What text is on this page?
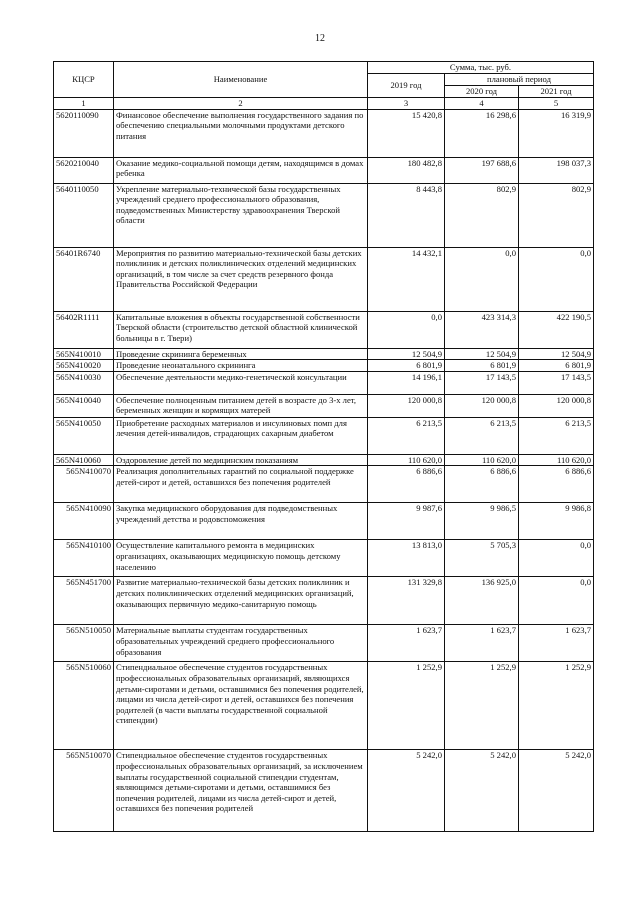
12
КЦСР	Наименование	Сумма, тыс. руб.		
		2019 год	плановый период	
			2020 год	2021 год
1	2	3	4	5
5620110090	Финансовое обеспечение выполнения государственного задания по обеспечению специальными молочными продуктами детского питания	15 420,8	16 298,6	16 319,9
5620210040	Оказание медико-социальной помощи детям, находящимся в домах ребенка	180 482,8	197 688,6	198 037,3
5640110050	Укрепление материально-технической базы государственных учреждений среднего профессионального образования, подведомственных Министерству здравоохранения Тверской области	8 443,8	802,9	802,9
56401R6740	Мероприятия по развитию материально-технической базы детских поликлиник и детских поликлинических отделений медицинских организаций, в том числе за счет средств резервного фонда Правительства Российской Федерации	14 432,1	0,0	0,0
56402R1111	Капитальные вложения в объекты государственной собственности Тверской области (строительство детской областной клинической больницы в г. Твери)	0,0	423 314,3	422 190,5
565N410010	Проведение скрининга беременных	12 504,9	12 504,9	12 504,9
565N410020	Проведение неонатального скрининга	6 801,9	6 801,9	6 801,9
565N410030	Обеспечение деятельности медико-генетической консультации	14 196,1	17 143,5	17 143,5
565N410040	Обеспечение полноценным питанием детей в возрасте до 3-х лет, беременных женщин и кормящих матерей	120 000,8	120 000,8	120 000,8
565N410050	Приобретение расходных материалов и инсулиновых помп для лечения детей-инвалидов, страдающих сахарным диабетом	6 213,5	6 213,5	6 213,5
565N410060	Оздоровление детей по медицинским показаниям	110 620,0	110 620,0	110 620,0
565N410070	Реализация дополнительных гарантий по социальной поддержке детей-сирот и детей, оставшихся без попечения родителей	6 886,6	6 886,6	6 886,6
565N410090	Закупка медицинского оборудования для подведомственных учреждений детства и родовспоможения	9 987,6	9 986,5	9 986,8
565N410100	Осуществление капитального ремонта в медицинских организациях, оказывающих медицинскую помощь детскому населению	13 813,0	5 705,3	0,0
565N451700	Развитие материально-технической базы детских поликлиник и детских поликлинических отделений медицинских организаций, оказывающих первичную медико-санитарную помощь	131 329,8	136 925,0	0,0
565N510050	Материальные выплаты студентам государственных образовательных учреждений среднего профессионального образования	1 623,7	1 623,7	1 623,7
565N510060	Стипендиальное обеспечение студентов государственных профессиональных образовательных организаций, являющихся детьми-сиротами и детьми, оставшимися без попечения родителей, лицами из числа детей-сирот и детей, оставшихся без попечения родителей (в части выплаты государственной социальной стипендии)	1 252,9	1 252,9	1 252,9
565N510070	Стипендиальное обеспечение студентов государственных профессиональных образовательных организаций, за исключением выплаты государственной социальной стипендии студентам, являющимся детьми-сиротами и детьми, оставшимися без попечения родителей, лицами из числа детей-сирот и детей, оставшихся без попечения родителей	5 242,0	5 242,0	5 242,0
